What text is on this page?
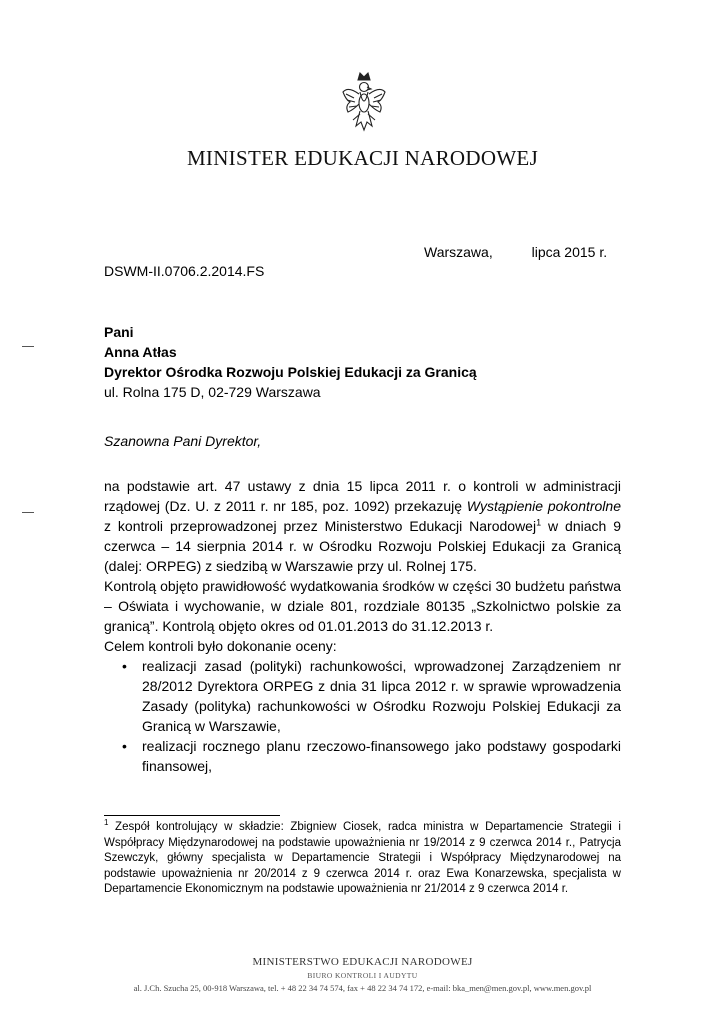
MINISTER EDUKACJI NARODOWEJ
Warszawa,          lipca 2015 r.
DSWM-II.0706.2.2014.FS
Pani
Anna Atłas
Dyrektor Ośrodka Rozwoju Polskiej Edukacji za Granicą
ul. Rolna 175 D, 02-729 Warszawa
Szanowna Pani Dyrektor,

na podstawie art. 47 ustawy z dnia 15 lipca 2011 r. o kontroli w administracji rządowej (Dz. U. z 2011 r. nr 185, poz. 1092) przekazuję Wystąpienie pokontrolne z kontroli przeprowadzonej przez Ministerstwo Edukacji Narodowej$^1$ w dniach 9 czerwca – 14 sierpnia 2014 r. w Ośrodku Rozwoju Polskiej Edukacji za Granicą (dalej: ORPEG) z siedzibą w Warszawie przy ul. Rolnej 175.

Kontrolą objęto prawidłowość wydatkowania środków w części 30 budżetu państwa – Oświata i wychowanie, w dziale 801, rozdziale 80135 „Szkolnictwo polskie za granicą”. Kontrolą objęto okres od 01.01.2013 do 31.12.2013 r.

Celem kontroli było dokonanie oceny:

• realizacji zasad (polityki) rachunkowości, wprowadzonej Zarządzeniem nr 28/2012 Dyrektora ORPEG z dnia 31 lipca 2012 r. w sprawie wprowadzenia Zasady (polityka) rachunkowości w Ośrodku Rozwoju Polskiej Edukacji za Granicą w Warszawie,
• realizacji rocznego planu rzeczowo-finansowego jako podstawy gospodarki finansowej,
$^1$ Zespół kontrolujący w składzie: Zbigniew Ciosek, radca ministra w Departamencie Strategii i Współpracy Międzynarodowej na podstawie upoważnienia nr 19/2014 z 9 czerwca 2014 r., Patrycja Szewczyk, główny specjalista w Departamencie Strategii i Współpracy Międzynarodowej na podstawie upoważnienia nr 20/2014 z 9 czerwca 2014 r. oraz Ewa Konarzewska, specjalista w Departamencie Ekonomicznym na podstawie upoważnienia nr 21/2014 z 9 czerwca 2014 r.
MINISTERSTWO EDUKACJI NARODOWEJ
BIURO KONTROLI I AUDYTU
al. J.Ch. Szucha 25, 00-918 Warszawa, tel. + 48 22 34 74 574, fax + 48 22 34 74 172, e-mail: bka_men@men.gov.pl, www.men.gov.pl
